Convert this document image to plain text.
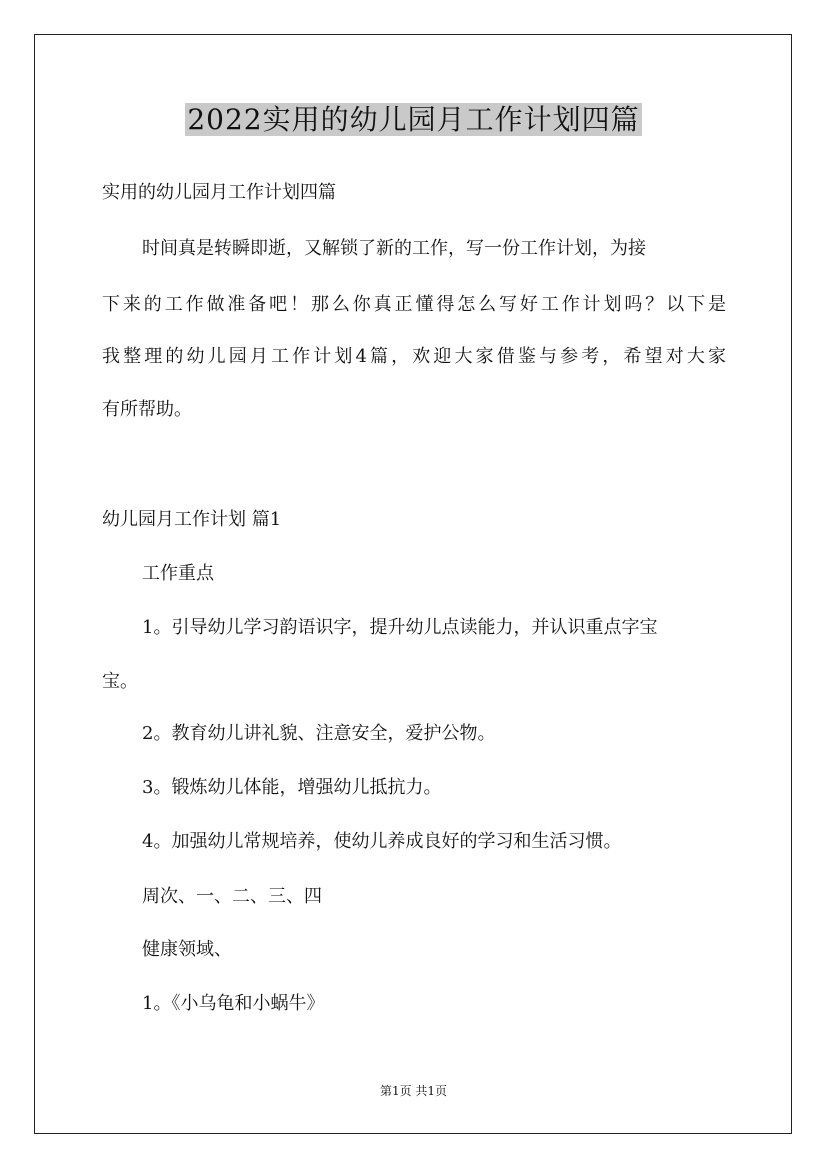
2022实用的幼儿园月工作计划四篇
实用的幼儿园月工作计划四篇
时间真是转瞬即逝，又解锁了新的工作，写一份工作计划，为接
下来的工作做准备吧！那么你真正懂得怎么写好工作计划吗？以下是
我整理的幼儿园月工作计划4篇，欢迎大家借鉴与参考，希望对大家
有所帮助。
幼儿园月工作计划 篇1
工作重点
1。引导幼儿学习韵语识字，提升幼儿点读能力，并认识重点字宝
宝。
2。教育幼儿讲礼貌、注意安全，爱护公物。
3。锻炼幼儿体能，增强幼儿抵抗力。
4。加强幼儿常规培养，使幼儿养成良好的学习和生活习惯。
周次、一、二、三、四
健康领域、
1。《小乌龟和小蜗牛》
第1页 共1页
